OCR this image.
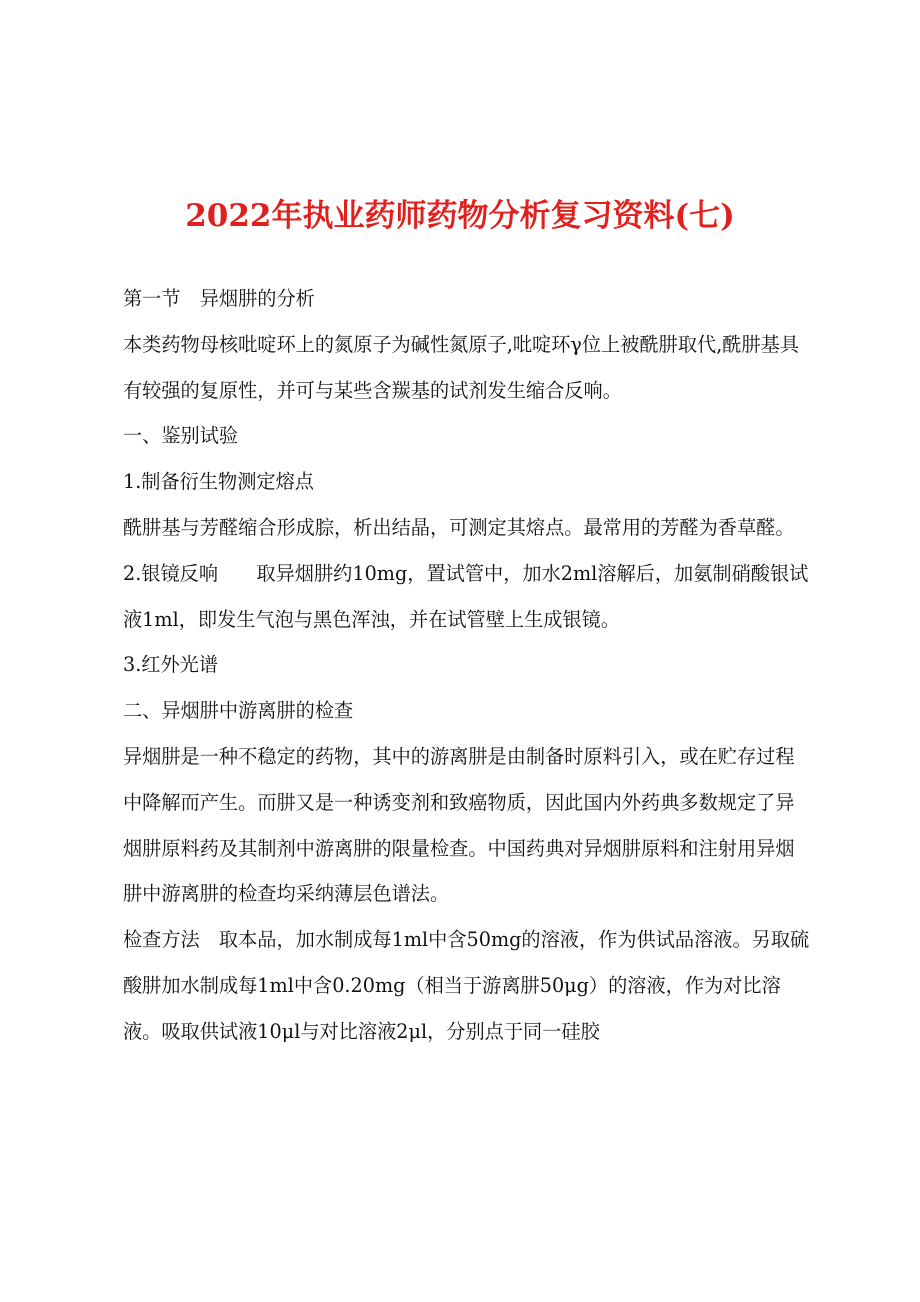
2022年执业药师药物分析复习资料(七)

第一节　异烟肼的分析

本类药物母核吡啶环上的氮原子为碱性氮原子,吡啶环γ位上被酰肼取代,酰肼基具有较强的复原性，并可与某些含羰基的试剂发生缩合反响。

一、鉴别试验

1.制备衍生物测定熔点

酰肼基与芳醛缩合形成腙，析出结晶，可测定其熔点。最常用的芳醛为香草醛。

2.银镜反响　　取异烟肼约10mg，置试管中，加水2ml溶解后，加氨制硝酸银试液1ml，即发生气泡与黑色浑浊，并在试管壁上生成银镜。

3.红外光谱

二、异烟肼中游离肼的检查

异烟肼是一种不稳定的药物，其中的游离肼是由制备时原料引入，或在贮存过程中降解而产生。而肼又是一种诱变剂和致癌物质，因此国内外药典多数规定了异烟肼原料药及其制剂中游离肼的限量检查。中国药典对异烟肼原料和注射用异烟肼中游离肼的检查均采纳薄层色谱法。

检查方法　取本品，加水制成每1ml中含50mg的溶液，作为供试品溶液。另取硫酸肼加水制成每1ml中含0.20mg（相当于游离肼50μg）的溶液，作为对比溶液。吸取供试液10μl与对比溶液2μl，分别点于同一硅胶
